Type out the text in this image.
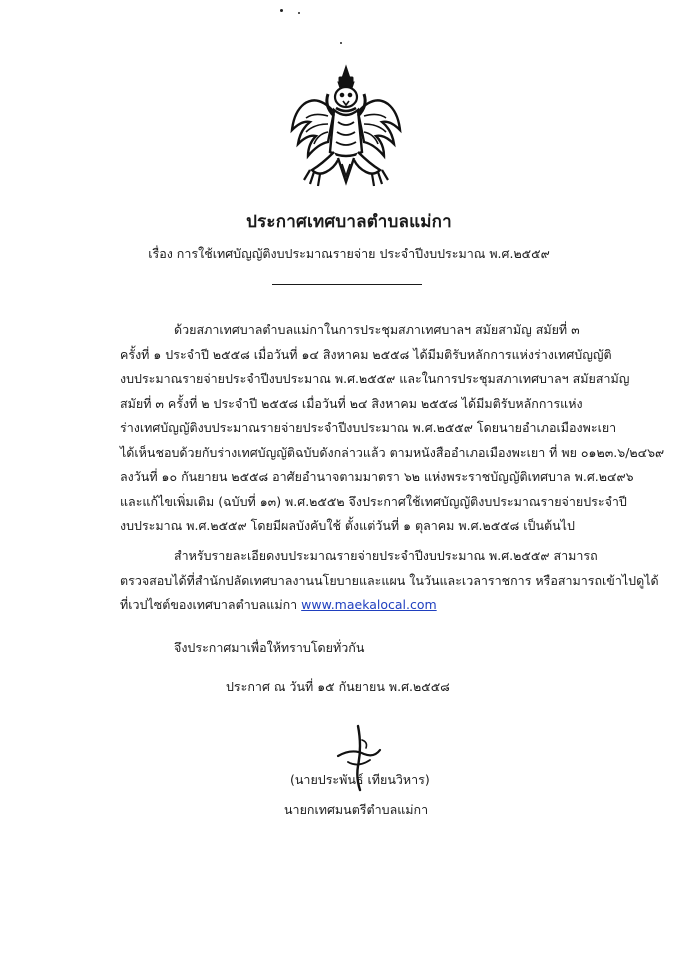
ประกาศเทศบาลตำบลแม่กา
เรื่อง การใช้เทศบัญญัติงบประมาณรายจ่าย ประจำปีงบประมาณ พ.ศ.๒๕๕๙
ด้วยสภาเทศบาลตำบลแม่กาในการประชุมสภาเทศบาลฯ สมัยสามัญ สมัยที่ ๓
ครั้งที่ ๑ ประจำปี ๒๕๕๘ เมื่อวันที่ ๑๔ สิงหาคม ๒๕๕๘ ได้มีมติรับหลักการแห่งร่างเทศบัญญัติ
งบประมาณรายจ่ายประจำปีงบประมาณ พ.ศ.๒๕๕๙ และในการประชุมสภาเทศบาลฯ สมัยสามัญ
สมัยที่ ๓ ครั้งที่ ๒ ประจำปี ๒๕๕๘ เมื่อวันที่ ๒๔ สิงหาคม ๒๕๕๘ ได้มีมติรับหลักการแห่ง
ร่างเทศบัญญัติงบประมาณรายจ่ายประจำปีงบประมาณ พ.ศ.๒๕๕๙ โดยนายอำเภอเมืองพะเยา
ได้เห็นชอบด้วยกับร่างเทศบัญญัติฉบับดังกล่าวแล้ว ตามหนังสืออำเภอเมืองพะเยา ที่ พย ๐๑๒๓.๖/๒๔๖๙
ลงวันที่ ๑๐ กันยายน ๒๕๕๘ อาศัยอำนาจตามมาตรา ๖๒ แห่งพระราชบัญญัติเทศบาล พ.ศ.๒๔๙๖
และแก้ไขเพิ่มเติม (ฉบับที่ ๑๓) พ.ศ.๒๕๕๒ จึงประกาศใช้เทศบัญญัติงบประมาณรายจ่ายประจำปี
งบประมาณ พ.ศ.๒๕๕๙ โดยมีผลบังคับใช้ ตั้งแต่วันที่ ๑ ตุลาคม พ.ศ.๒๕๕๘ เป็นต้นไป
สำหรับรายละเอียดงบประมาณรายจ่ายประจำปีงบประมาณ พ.ศ.๒๕๕๙ สามารถ
ตรวจสอบได้ที่สำนักปลัดเทศบาลงานนโยบายและแผน ในวันและเวลาราชการ หรือสามารถเข้าไปดูได้
ที่เวปไซต์ของเทศบาลตำบลแม่กา www.maekalocal.com
จึงประกาศมาเพื่อให้ทราบโดยทั่วกัน
ประกาศ ณ วันที่ ๑๕ กันยายน พ.ศ.๒๕๕๘
(นายประพันธ์ เทียนวิหาร)
นายกเทศมนตรีตำบลแม่กา
